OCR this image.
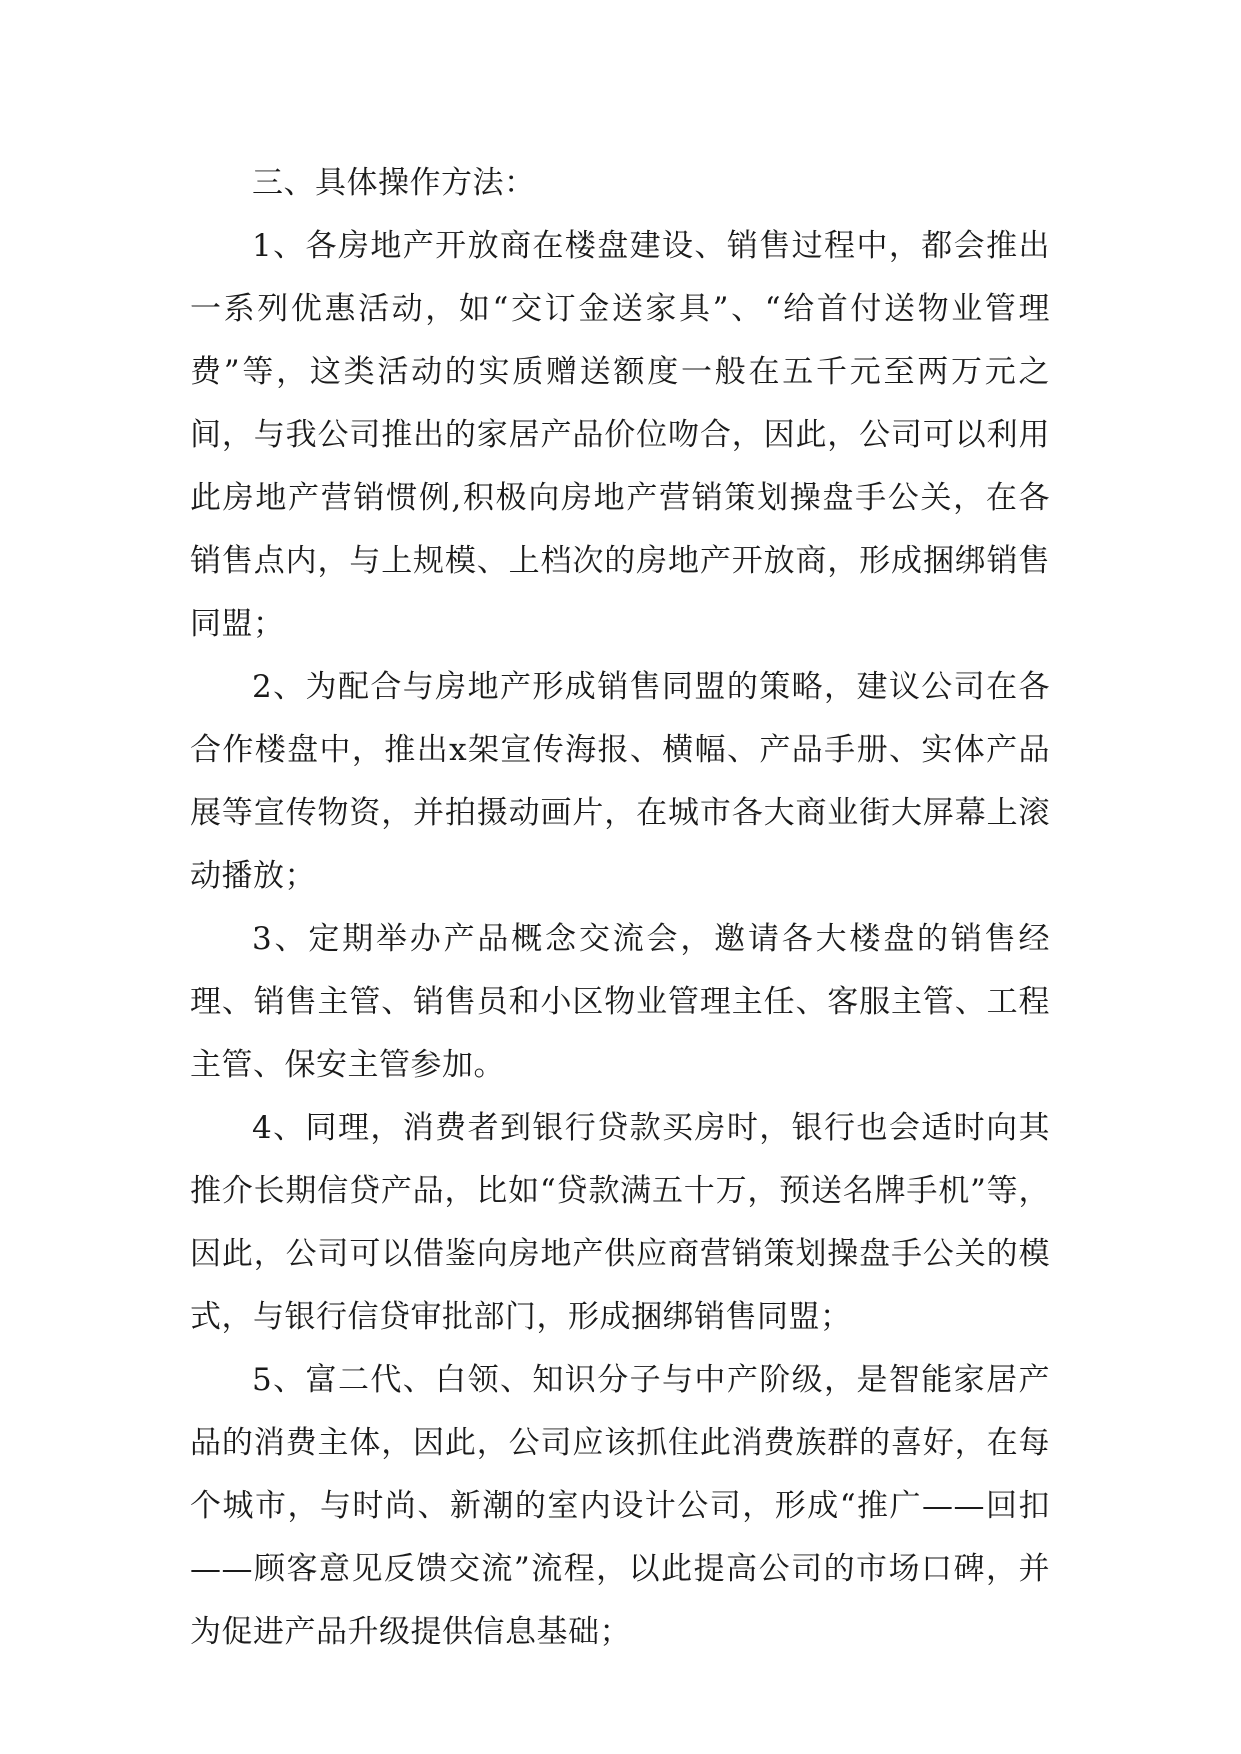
三、具体操作方法：

1、各房地产开放商在楼盘建设、销售过程中，都会推出一系列优惠活动，如“交订金送家具”、“给首付送物业管理费”等，这类活动的实质赠送额度一般在五千元至两万元之间，与我公司推出的家居产品价位吻合，因此，公司可以利用此房地产营销惯例,积极向房地产营销策划操盘手公关，在各销售点内，与上规模、上档次的房地产开放商，形成捆绑销售同盟；

2、为配合与房地产形成销售同盟的策略，建议公司在各合作楼盘中，推出x架宣传海报、横幅、产品手册、实体产品展等宣传物资，并拍摄动画片，在城市各大商业街大屏幕上滚动播放；

3、定期举办产品概念交流会，邀请各大楼盘的销售经理、销售主管、销售员和小区物业管理主任、客服主管、工程主管、保安主管参加。

4、同理，消费者到银行贷款买房时，银行也会适时向其推介长期信贷产品，比如“贷款满五十万，预送名牌手机”等，因此，公司可以借鉴向房地产供应商营销策划操盘手公关的模式，与银行信贷审批部门，形成捆绑销售同盟；

5、富二代、白领、知识分子与中产阶级，是智能家居产品的消费主体，因此，公司应该抓住此消费族群的喜好，在每个城市，与时尚、新潮的室内设计公司，形成“推广——回扣——顾客意见反馈交流”流程，以此提高公司的市场口碑，并为促进产品升级提供信息基础；
